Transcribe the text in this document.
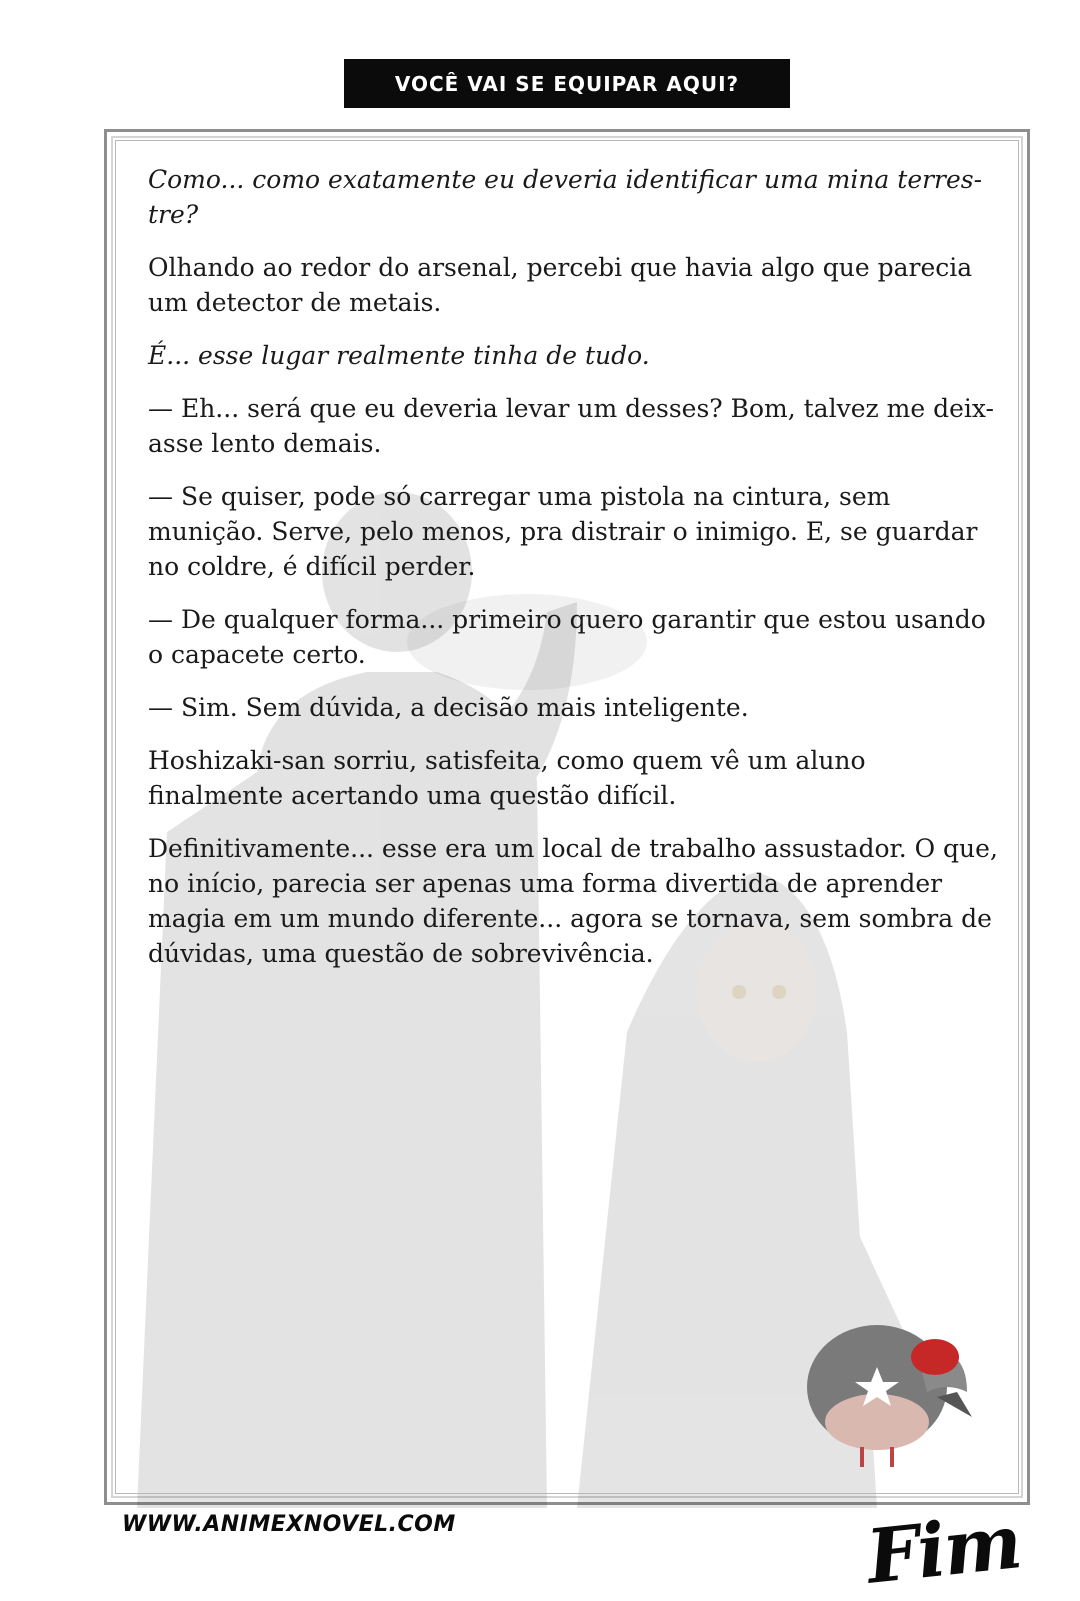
VOCÊ VAI SE EQUIPAR AQUI?

Como... como exatamente eu deveria identificar uma mina terres-tre?

Olhando ao redor do arsenal, percebi que havia algo que parecia um detector de metais.

É... esse lugar realmente tinha de tudo.

— Eh... será que eu deveria levar um desses? Bom, talvez me deix-asse lento demais.

— Se quiser, pode só carregar uma pistola na cintura, sem munição. Serve, pelo menos, pra distrair o inimigo. E, se guardar no coldre, é difícil perder.

— De qualquer forma... primeiro quero garantir que estou usando o capacete certo.

— Sim. Sem dúvida, a decisão mais inteligente.

Hoshizaki-san sorriu, satisfeita, como quem vê um aluno finalmente acertando uma questão difícil.

Definitivamente... esse era um local de trabalho assustador. O que, no início, parecia ser apenas uma forma divertida de aprender magia em um mundo diferente... agora se tornava, sem sombra de dúvidas, uma questão de sobrevivência.

Fim
WWW.ANIMEXNOVEL.COM
